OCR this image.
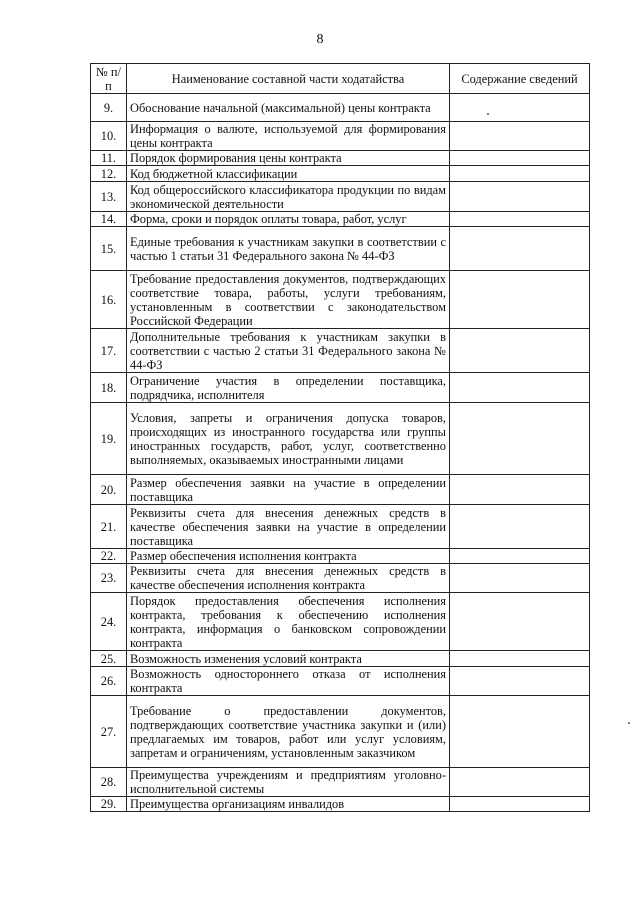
8
№ п/п	Наименование составной части ходатайства	Содержание сведений
9.	Обоснование начальной (максимальной) цены контракта	
10.	Информация о валюте, используемой для формирования цены контракта	
11.	Порядок формирования цены контракта	
12.	Код бюджетной классификации	
13.	Код общероссийского классификатора продукции по видам экономической деятельности	
14.	Форма, сроки и порядок оплаты товара, работ, услуг	
15.	Единые требования к участникам закупки в соответствии с частью 1 статьи 31 Федерального закона № 44-ФЗ	
16.	Требование предоставления документов, подтверждающих соответствие товара, работы, услуги требованиям, установленным в соответствии с законодательством Российской Федерации	
17.	Дополнительные требования к участникам закупки в соответствии с частью 2 статьи 31 Федерального закона № 44-ФЗ	
18.	Ограничение участия в определении поставщика, подрядчика, исполнителя	
19.	Условия, запреты и ограничения допуска товаров, происходящих из иностранного государства или группы иностранных государств, работ, услуг, соответственно выполняемых, оказываемых иностранными лицами	
20.	Размер обеспечения заявки на участие в определении поставщика	
21.	Реквизиты счета для внесения денежных средств в качестве обеспечения заявки на участие в определении поставщика	
22.	Размер обеспечения исполнения контракта	
23.	Реквизиты счета для внесения денежных средств в качестве обеспечения исполнения контракта	
24.	Порядок предоставления обеспечения исполнения контракта, требования к обеспечению исполнения контракта, информация о банковском сопровождении контракта	
25.	Возможность изменения условий контракта	
26.	Возможность одностороннего отказа от исполнения контракта	
27.	Требование о предоставлении документов, подтверждающих соответствие участника закупки и (или) предлагаемых им товаров, работ или услуг условиям, запретам и ограничениям, установленным заказчиком	
28.	Преимущества учреждениям и предприятиям уголовно-исполнительной системы	
29.	Преимущества организациям инвалидов	
